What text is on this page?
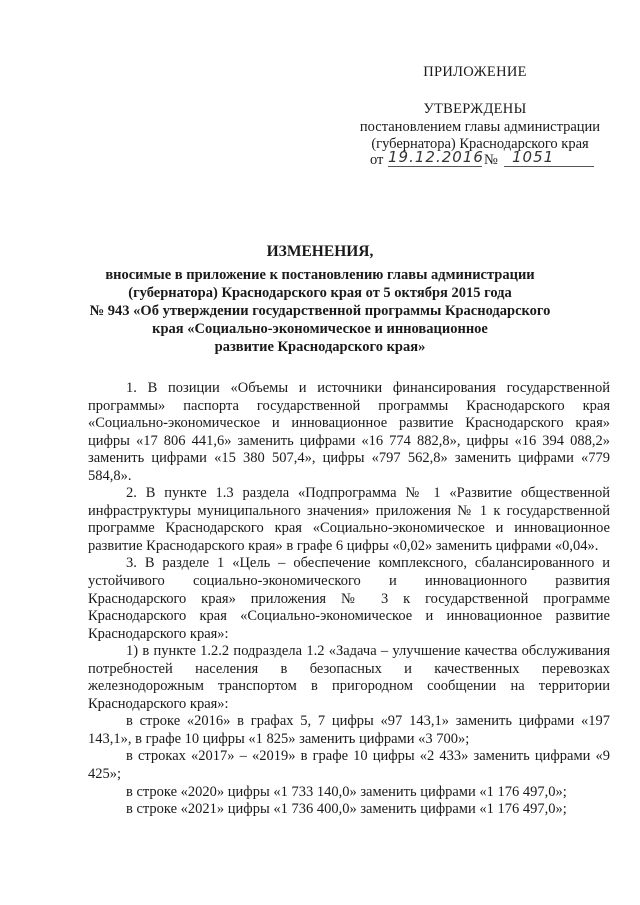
ПРИЛОЖЕНИЕ
УТВЕРЖДЕНЫ
постановлением главы администрации
(губернатора) Краснодарского края
от 19.12.2016 № 1051
ИЗМЕНЕНИЯ,
вносимые в приложение к постановлению главы администрации
(губернатора) Краснодарского края от 5 октября 2015 года
№ 943 «Об утверждении государственной программы Краснодарского
края «Социально-экономическое и инновационное
развитие Краснодарского края»

1. В позиции «Объемы и источники финансирования государственной программы» паспорта государственной программы Краснодарского края «Социально-экономическое и инновационное развитие Краснодарского края» цифры «17 806 441,6» заменить цифрами «16 774 882,8», цифры «16 394 088,2» заменить цифрами «15 380 507,4», цифры «797 562,8» заменить цифрами «779 584,8».

2. В пункте 1.3 раздела «Подпрограмма № 1 «Развитие общественной инфраструктуры муниципального значения» приложения № 1 к государственной программе Краснодарского края «Социально-экономическое и инновационное развитие Краснодарского края» в графе 6 цифры «0,02» заменить цифрами «0,04».

3. В разделе 1 «Цель – обеспечение комплексного, сбалансированного и устойчивого социально-экономического и инновационного развития Краснодарского края» приложения № 3 к государственной программе Краснодарского края «Социально-экономическое и инновационное развитие Краснодарского края»:

1) в пункте 1.2.2 подраздела 1.2 «Задача – улучшение качества обслуживания потребностей населения в безопасных и качественных перевозках железнодорожным транспортом в пригородном сообщении на территории Краснодарского края»:

в строке «2016» в графах 5, 7 цифры «97 143,1» заменить цифрами «197 143,1», в графе 10 цифры «1 825» заменить цифрами «3 700»;

в строках «2017» – «2019» в графе 10 цифры «2 433» заменить цифрами «9 425»;

в строке «2020» цифры «1 733 140,0» заменить цифрами «1 176 497,0»;

в строке «2021» цифры «1 736 400,0» заменить цифрами «1 176 497,0»;
